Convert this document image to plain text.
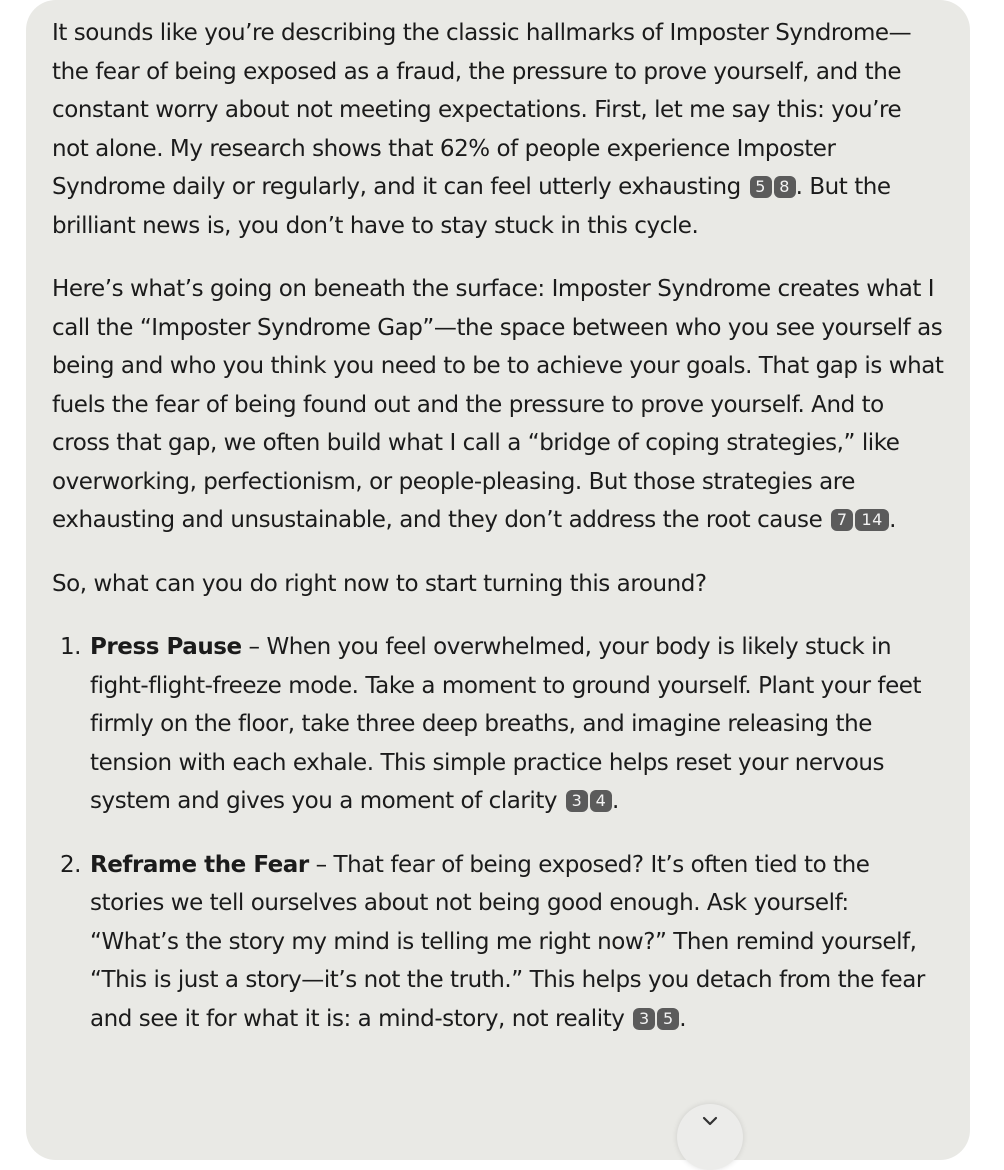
It sounds like you’re describing the classic hallmarks of Imposter Syndrome—the fear of being exposed as a fraud, the pressure to prove yourself, and the constant worry about not meeting expectations. First, let me say this: you’re not alone. My research shows that 62% of people experience Imposter Syndrome daily or regularly, and it can feel utterly exhausting 5 8 . But the brilliant news is, you don’t have to stay stuck in this cycle.

Here’s what’s going on beneath the surface: Imposter Syndrome creates what I call the “Imposter Syndrome Gap”—the space between who you see yourself as being and who you think you need to be to achieve your goals. That gap is what fuels the fear of being found out and the pressure to prove yourself. And to cross that gap, we often build what I call a “bridge of coping strategies,” like overworking, perfectionism, or people-pleasing. But those strategies are exhausting and unsustainable, and they don’t address the root cause 7 14 .

So, what can you do right now to start turning this around?

1. Press Pause – When you feel overwhelmed, your body is likely stuck in fight-flight-freeze mode. Take a moment to ground yourself. Plant your feet firmly on the floor, take three deep breaths, and imagine releasing the tension with each exhale. This simple practice helps reset your nervous system and gives you a moment of clarity 3 4 .
2. Reframe the Fear – That fear of being exposed? It’s often tied to the stories we tell ourselves about not being good enough. Ask yourself: “What’s the story my mind is telling me right now?” Then remind yourself, “This is just a story—it’s not the truth.” This helps you detach from the fear and see it for what it is: a mind-story, not reality 3 5 .
